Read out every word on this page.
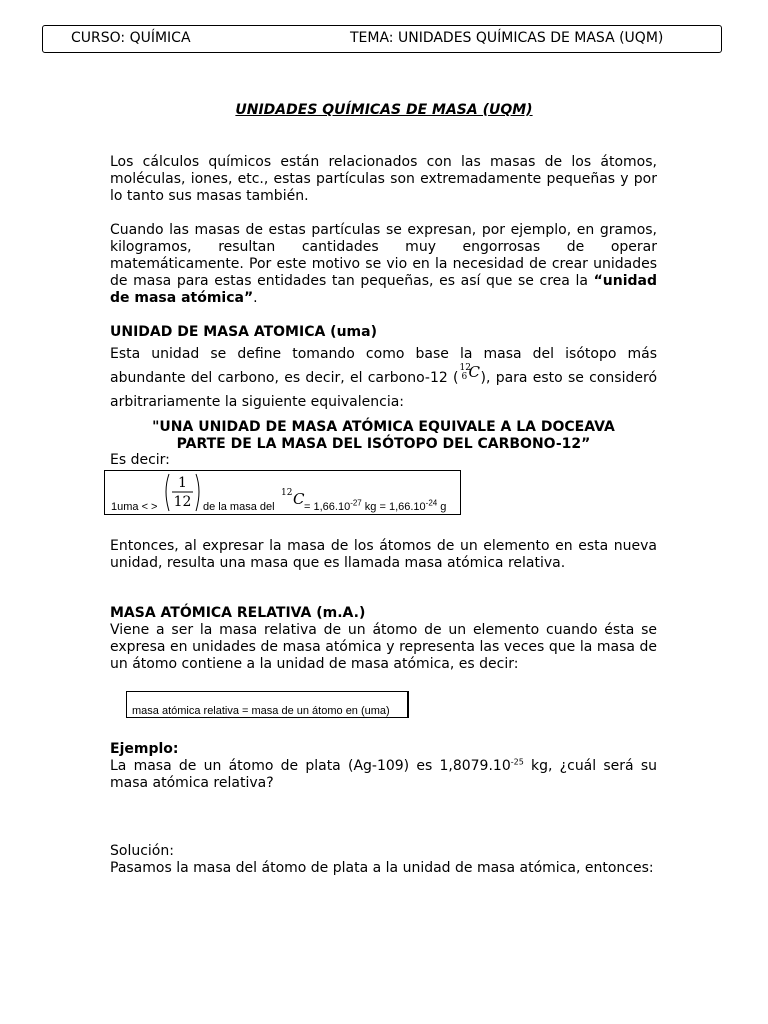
CURSO: QUÍMICA	TEMA: UNIDADES QUÍMICAS DE MASA (UQM)
UNIDADES QUÍMICAS DE MASA (UQM)
Los cálculos químicos están relacionados con las masas de los átomos, moléculas, iones, etc., estas partículas son extremadamente pequeñas y por lo tanto sus masas también.
Cuando las masas de estas partículas se expresan, por ejemplo, en gramos, kilogramos, resultan cantidades muy engorrosas de operar matemáticamente. Por este motivo se vio en la necesidad de crear unidades de masa para estas entidades tan pequeñas, es así que se crea la “unidad de masa atómica”.
UNIDAD DE MASA ATOMICA (uma)
Esta unidad se define tomando como base la masa del isótopo más abundante del carbono, es decir, el carbono-12 (
12
6 C ), para esto se consideró arbitrariamente la siguiente equivalencia:
"UNA UNIDAD DE MASA ATÓMICA EQUIVALE A LA DOCEAVA
PARTE DE LA MASA DEL ISÓTOPO DEL CARBONO-12”
Es decir:
1uma < >
1
12 de la masa del
12 $C = 1,66.10^{-27}$ kg = $1,66.10^{-24}$ g
Entonces, al expresar la masa de los átomos de un elemento en esta nueva unidad, resulta una masa que es llamada masa atómica relativa.
MASA ATÓMICA RELATIVA (m.A.)
Viene a ser la masa relativa de un átomo de un elemento cuando ésta se expresa en unidades de masa atómica y representa las veces que la masa de un átomo contiene a la unidad de masa atómica, es decir:
masa atómica relativa = masa de un átomo en (uma)
Ejemplo:
La masa de un átomo de plata (Ag-109) es $1,8079.10^{-25}$ kg, ¿cuál será su masa atómica relativa?
Solución:
Pasamos la masa del átomo de plata a la unidad de masa atómica, entonces:
